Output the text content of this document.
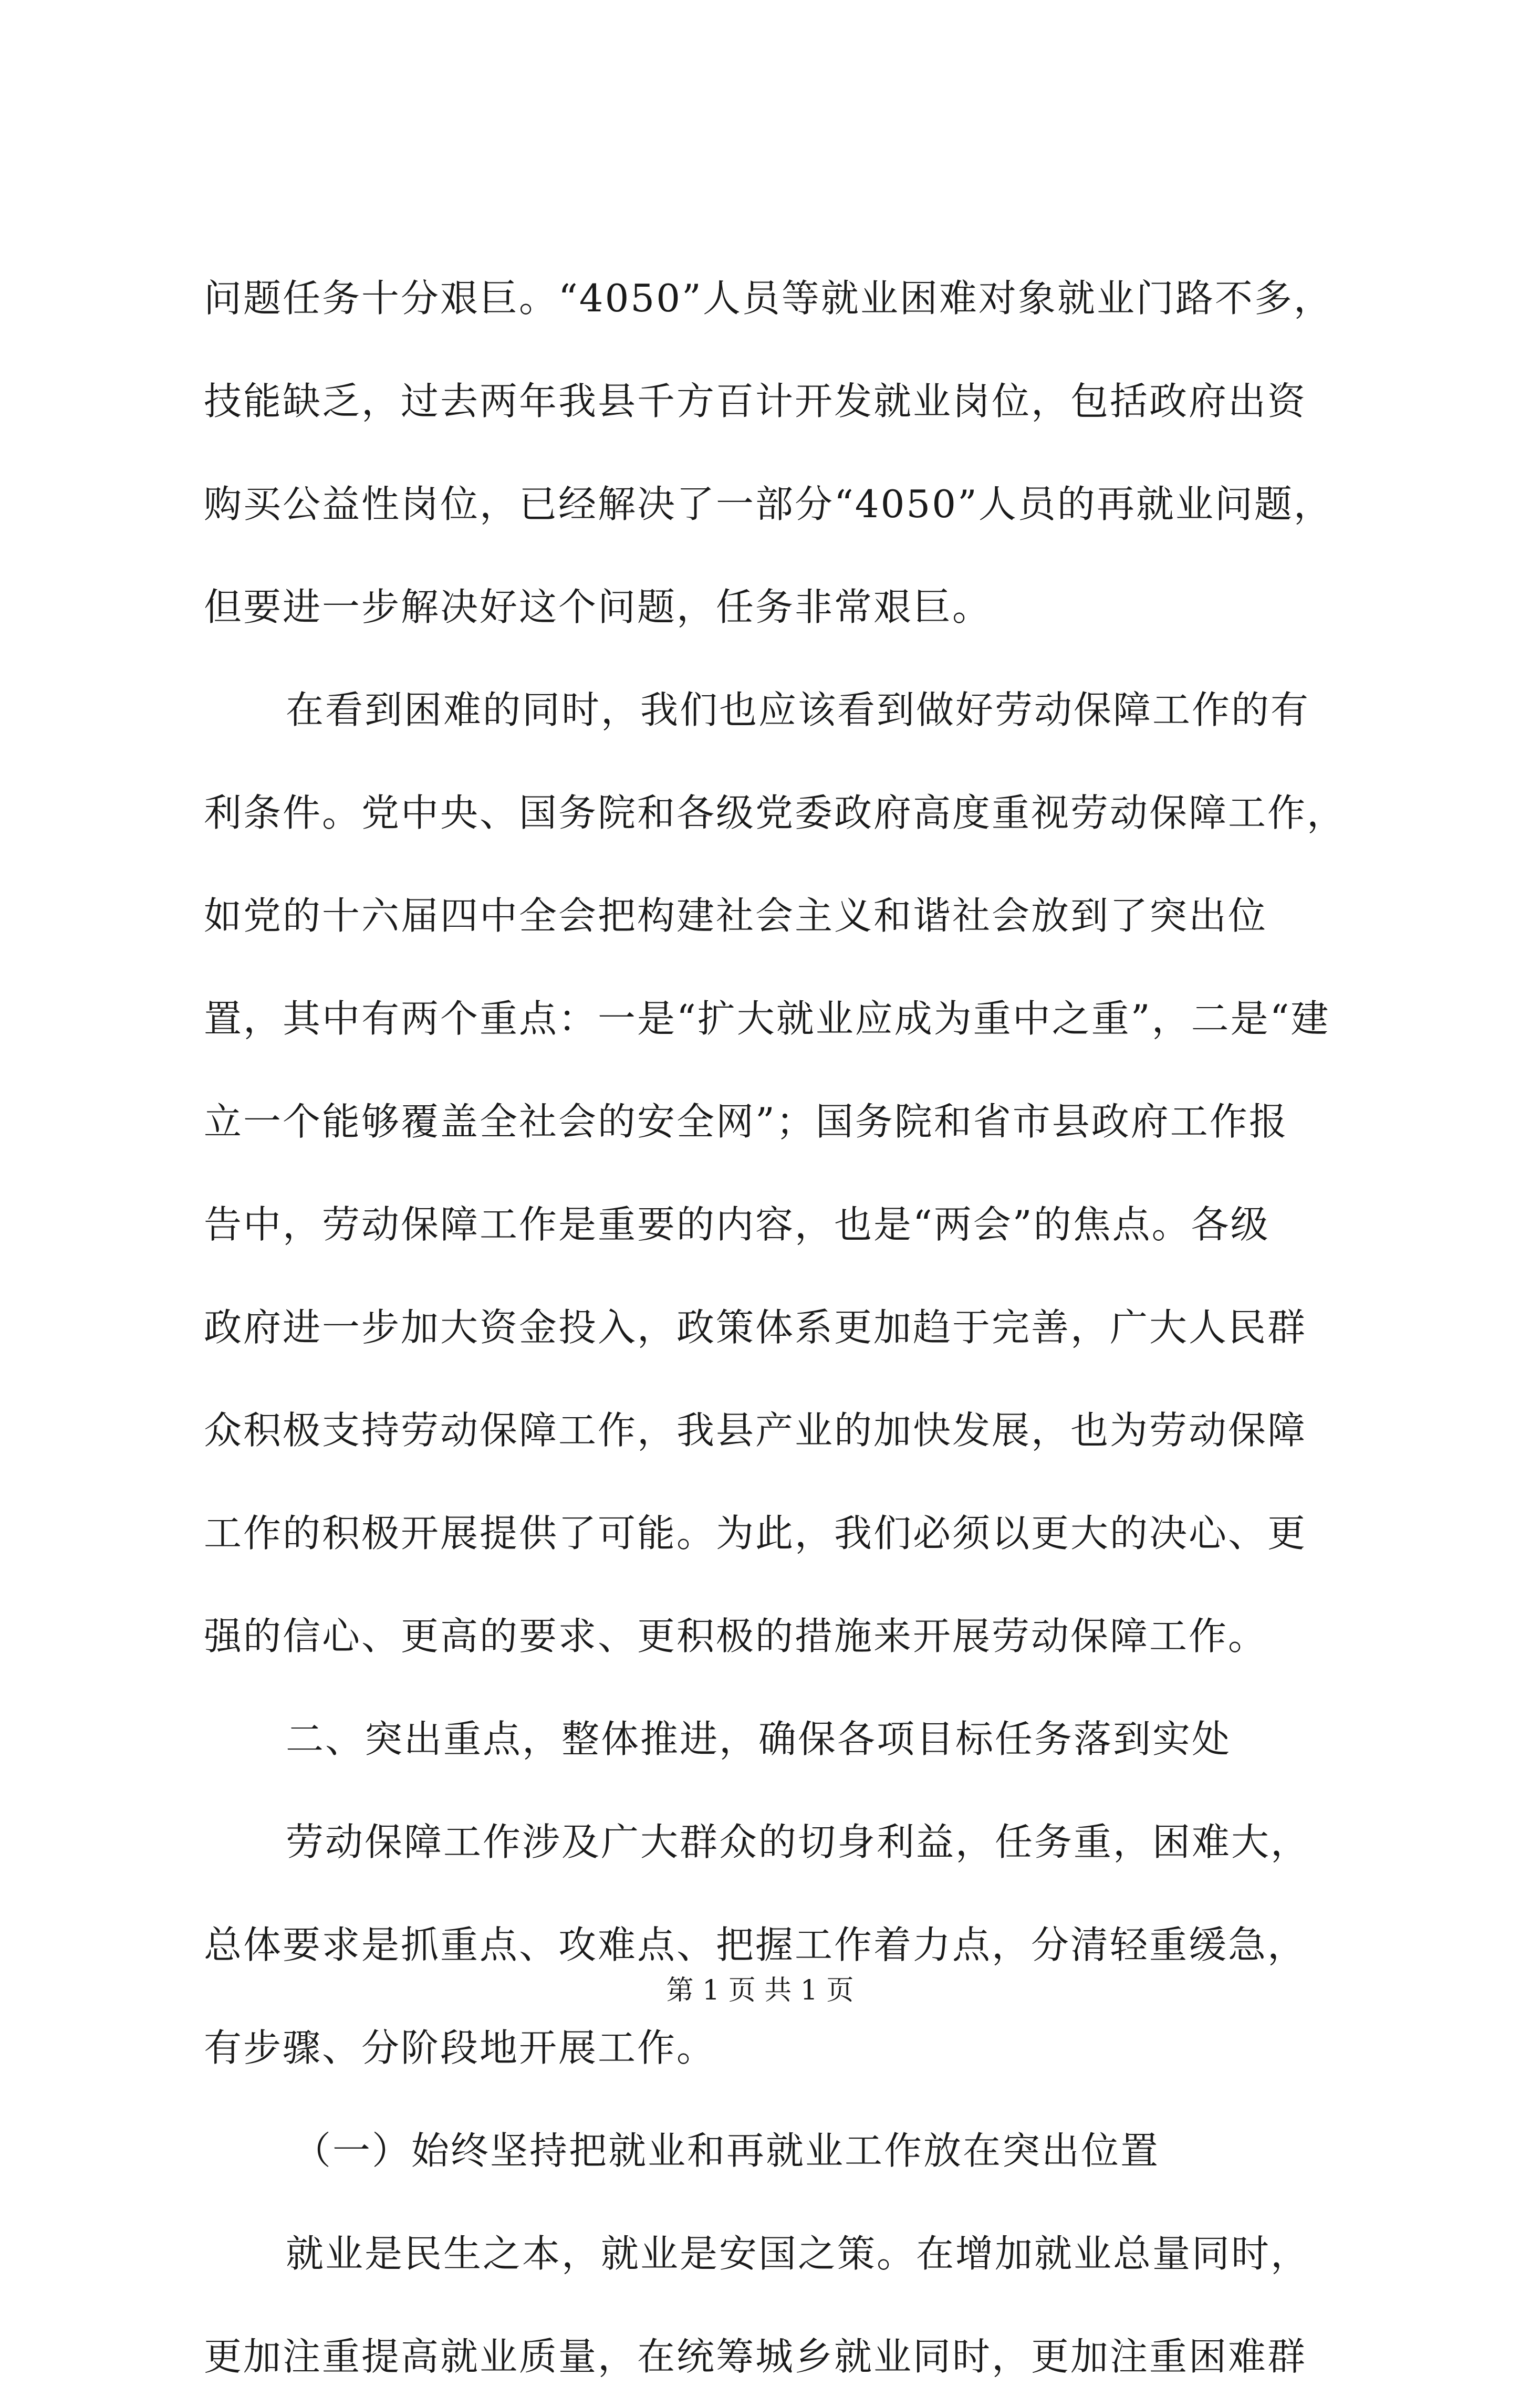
问题任务十分艰巨。“4050”人员等就业困难对象就业门路不多，
技能缺乏，过去两年我县千方百计开发就业岗位，包括政府出资
购买公益性岗位，已经解决了一部分“4050”人员的再就业问题，
但要进一步解决好这个问题，任务非常艰巨。
在看到困难的同时，我们也应该看到做好劳动保障工作的有
利条件。党中央、国务院和各级党委政府高度重视劳动保障工作，
如党的十六届四中全会把构建社会主义和谐社会放到了突出位
置，其中有两个重点：一是“扩大就业应成为重中之重”，二是“建
立一个能够覆盖全社会的安全网”；国务院和省市县政府工作报
告中，劳动保障工作是重要的内容，也是“两会”的焦点。各级
政府进一步加大资金投入，政策体系更加趋于完善，广大人民群
众积极支持劳动保障工作，我县产业的加快发展，也为劳动保障
工作的积极开展提供了可能。为此，我们必须以更大的决心、更
强的信心、更高的要求、更积极的措施来开展劳动保障工作。
二、突出重点，整体推进，确保各项目标任务落到实处
劳动保障工作涉及广大群众的切身利益，任务重，困难大，
总体要求是抓重点、攻难点、把握工作着力点，分清轻重缓急，
有步骤、分阶段地开展工作。
（一）始终坚持把就业和再就业工作放在突出位置
就业是民生之本，就业是安国之策。在增加就业总量同时，
更加注重提高就业质量，在统筹城乡就业同时，更加注重困难群
第 1 页 共 1 页
